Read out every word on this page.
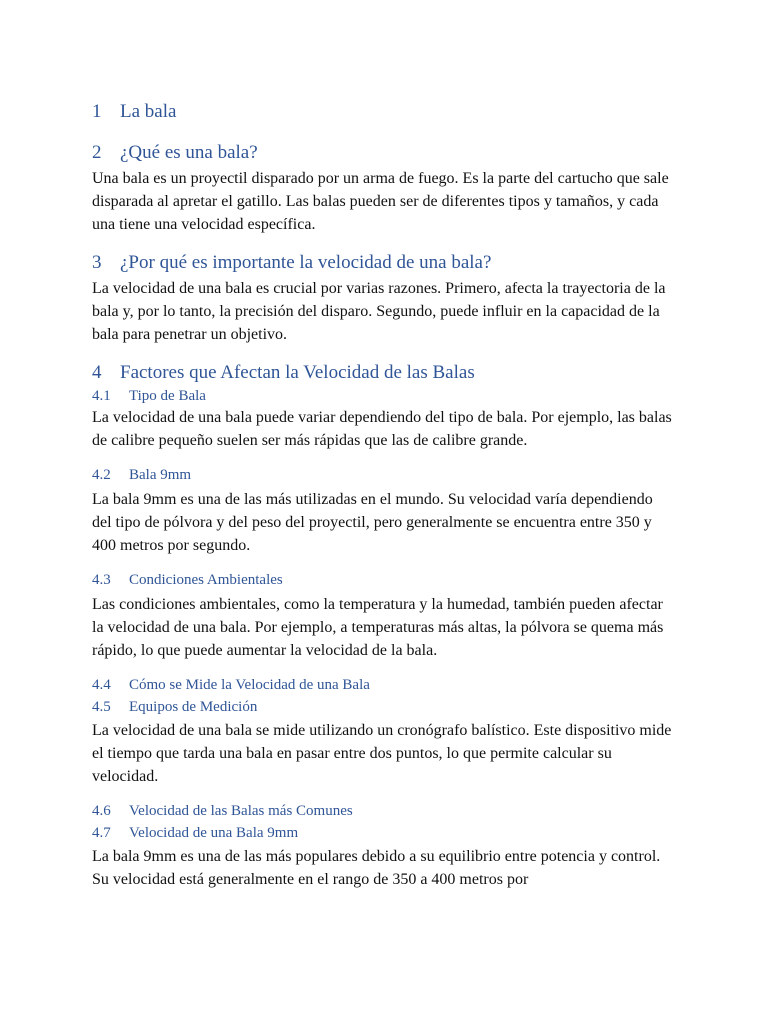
1 La bala
2 ¿Qué es una bala?

Una bala es un proyectil disparado por un arma de fuego. Es la parte del cartucho que sale disparada al apretar el gatillo. Las balas pueden ser de diferentes tipos y tamaños, y cada una tiene una velocidad específica.

3 ¿Por qué es importante la velocidad de una bala?

La velocidad de una bala es crucial por varias razones. Primero, afecta la trayectoria de la bala y, por lo tanto, la precisión del disparo. Segundo, puede influir en la capacidad de la bala para penetrar un objetivo.

4 Factores que Afectan la Velocidad de las Balas
4.1 Tipo de Bala

La velocidad de una bala puede variar dependiendo del tipo de bala. Por ejemplo, las balas de calibre pequeño suelen ser más rápidas que las de calibre grande.

4.2 Bala 9mm

La bala 9mm es una de las más utilizadas en el mundo. Su velocidad varía dependiendo del tipo de pólvora y del peso del proyectil, pero generalmente se encuentra entre 350 y 400 metros por segundo.

4.3 Condiciones Ambientales

Las condiciones ambientales, como la temperatura y la humedad, también pueden afectar la velocidad de una bala. Por ejemplo, a temperaturas más altas, la pólvora se quema más rápido, lo que puede aumentar la velocidad de la bala.

4.4 Cómo se Mide la Velocidad de una Bala
4.5 Equipos de Medición

La velocidad de una bala se mide utilizando un cronógrafo balístico. Este dispositivo mide el tiempo que tarda una bala en pasar entre dos puntos, lo que permite calcular su velocidad.

4.6 Velocidad de las Balas más Comunes
4.7 Velocidad de una Bala 9mm

La bala 9mm es una de las más populares debido a su equilibrio entre potencia y control. Su velocidad está generalmente en el rango de 350 a 400 metros por
